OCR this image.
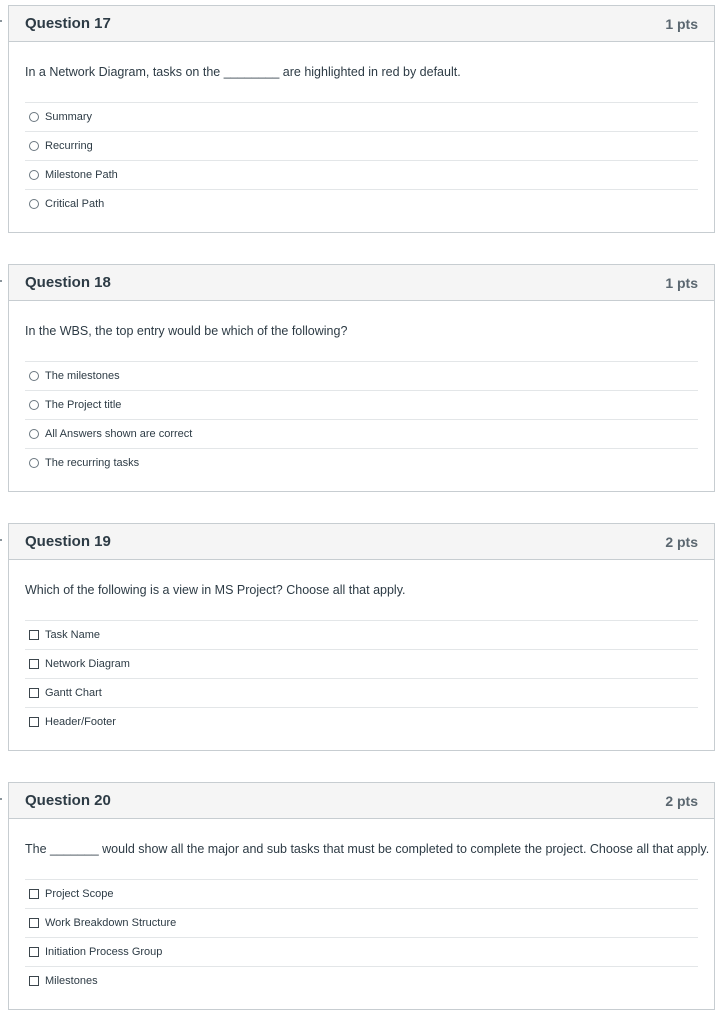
Question 17	1 pts
In a Network Diagram, tasks on the ________ are highlighted in red by default.
Summary
Recurring
Milestone Path
Critical Path
Question 18	1 pts
In the WBS, the top entry would be which of the following?
The milestones
The Project title
All Answers shown are correct
The recurring tasks
Question 19	2 pts
Which of the following is a view in MS Project? Choose all that apply.
Task Name
Network Diagram
Gantt Chart
Header/Footer
Question 20	2 pts
The _______ would show all the major and sub tasks that must be completed to complete the project. Choose all that apply.
Project Scope
Work Breakdown Structure
Initiation Process Group
Milestones
